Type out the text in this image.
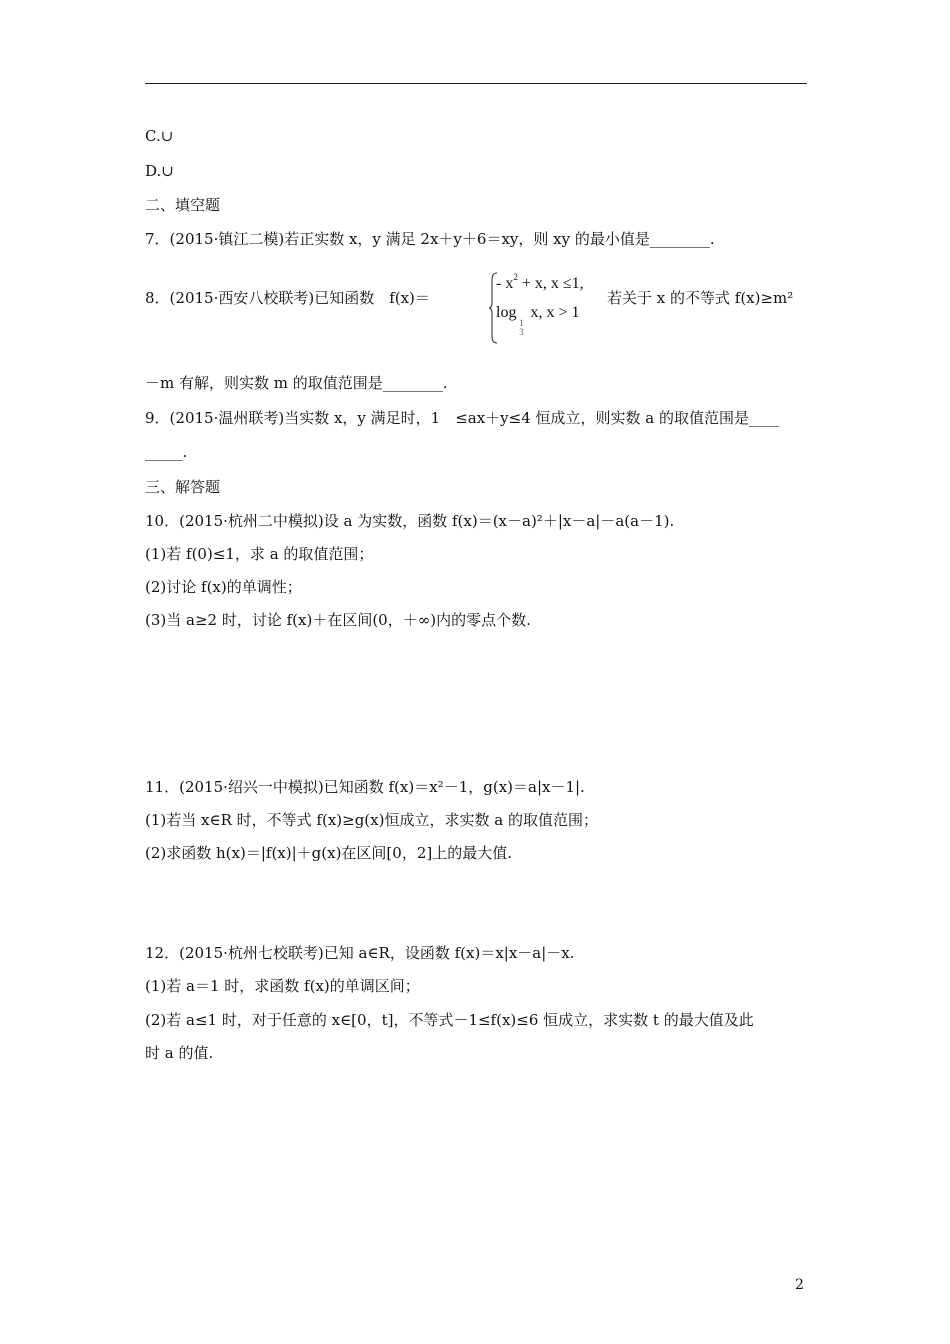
C.∪
D.∪
二、填空题
7．(2015·镇江二模)若正实数 x，y 满足 2x＋y＋6＝xy，则 xy 的最小值是________.
8．(2015·西安八校联考)已知函数　f(x)＝
- $x^2 + x$, x ≤1,
log1
3 x, x > 1
若关于 x 的不等式 f(x)≥m²
－m 有解，则实数 m 的取值范围是________.
9．(2015·温州联考)当实数 x，y 满足时，1　≤ax＋y≤4 恒成立，则实数 a 的取值范围是____
_____.
三、解答题
10．(2015·杭州二中模拟)设 a 为实数，函数 f(x)＝(x－a)²＋|x－a|－a(a－1).
(1)若 f(0)≤1，求 a 的取值范围；
(2)讨论 f(x)的单调性；
(3)当 a≥2 时，讨论 f(x)＋在区间(0，＋∞)内的零点个数.
11．(2015·绍兴一中模拟)已知函数 f(x)＝x²－1，g(x)＝a|x－1|.
(1)若当 x∈R 时，不等式 f(x)≥g(x)恒成立，求实数 a 的取值范围；
(2)求函数 h(x)＝|f(x)|＋g(x)在区间[0，2]上的最大值.
12．(2015·杭州七校联考)已知 a∈R，设函数 f(x)＝x|x－a|－x.
(1)若 a＝1 时，求函数 f(x)的单调区间；
(2)若 a≤1 时，对于任意的 x∈[0，t]，不等式－1≤f(x)≤6 恒成立，求实数 t 的最大值及此
时 a 的值.
2
